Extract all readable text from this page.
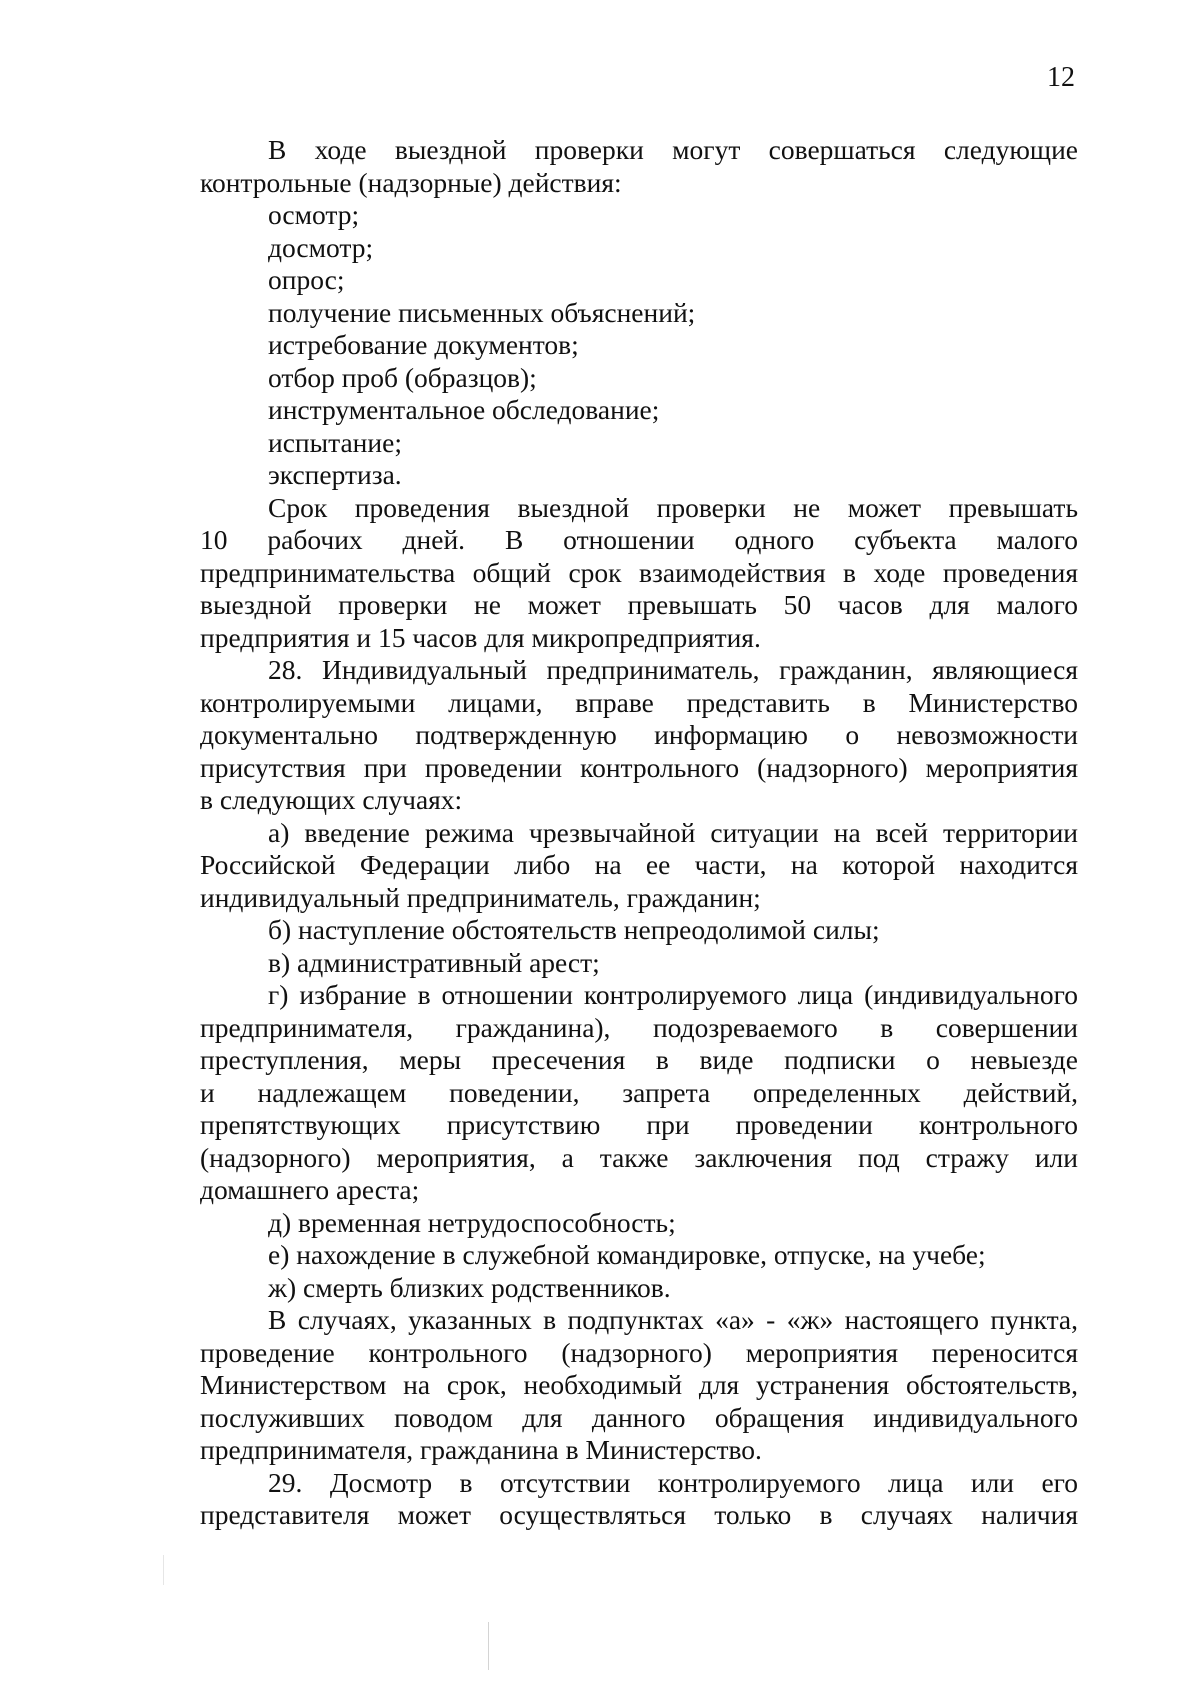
12
В ходе выездной проверки могут совершаться следующие
контрольные (надзорные) действия:
осмотр;
досмотр;
опрос;
получение письменных объяснений;
истребование документов;
отбор проб (образцов);
инструментальное обследование;
испытание;
экспертиза.
Срок проведения выездной проверки не может превышать
10 рабочих дней. В отношении одного субъекта малого
предпринимательства общий срок взаимодействия в ходе проведения
выездной проверки не может превышать 50 часов для малого
предприятия и 15 часов для микропредприятия.
28. Индивидуальный предприниматель, гражданин, являющиеся
контролируемыми лицами, вправе представить в Министерство
документально подтвержденную информацию о невозможности
присутствия при проведении контрольного (надзорного) мероприятия
в следующих случаях:
а) введение режима чрезвычайной ситуации на всей территории
Российской Федерации либо на ее части, на которой находится
индивидуальный предприниматель, гражданин;
б) наступление обстоятельств непреодолимой силы;
в) административный арест;
г) избрание в отношении контролируемого лица (индивидуального
предпринимателя, гражданина), подозреваемого в совершении
преступления, меры пресечения в виде подписки о невыезде
и надлежащем поведении, запрета определенных действий,
препятствующих присутствию при проведении контрольного
(надзорного) мероприятия, а также заключения под стражу или
домашнего ареста;
д) временная нетрудоспособность;
е) нахождение в служебной командировке, отпуске, на учебе;
ж) смерть близких родственников.
В случаях, указанных в подпунктах «а» - «ж» настоящего пункта,
проведение контрольного (надзорного) мероприятия переносится
Министерством на срок, необходимый для устранения обстоятельств,
послуживших поводом для данного обращения индивидуального
предпринимателя, гражданина в Министерство.
29. Досмотр в отсутствии контролируемого лица или его
представителя может осуществляться только в случаях наличия
